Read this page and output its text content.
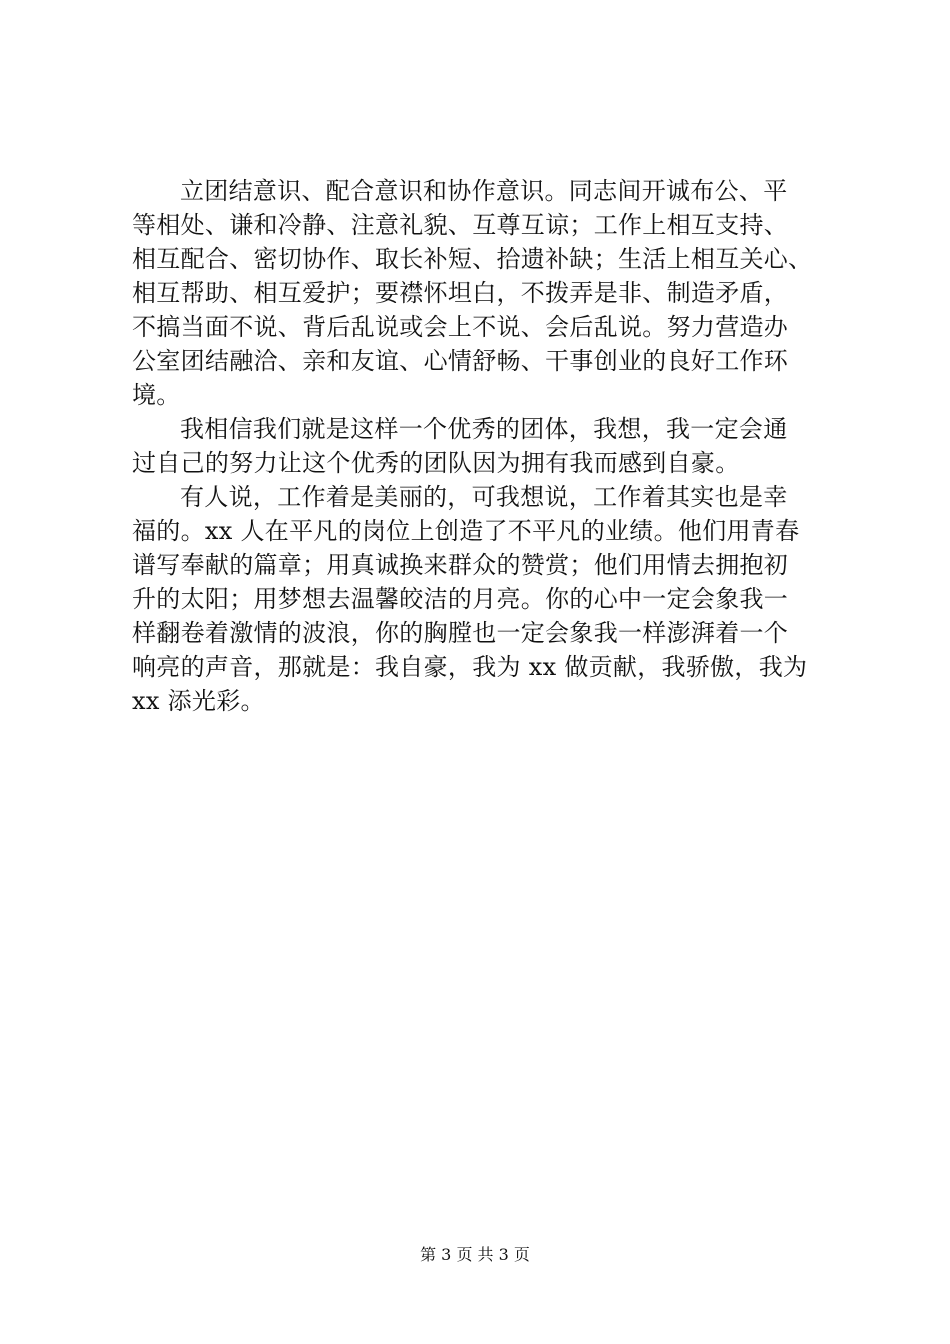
立团结意识、配合意识和协作意识。同志间开诚布公、平
等相处、谦和冷静、注意礼貌、互尊互谅；工作上相互支持、
相互配合、密切协作、取长补短、拾遗补缺；生活上相互关心、
相互帮助、相互爱护；要襟怀坦白，不拨弄是非、制造矛盾，
不搞当面不说、背后乱说或会上不说、会后乱说。努力营造办
公室团结融洽、亲和友谊、心情舒畅、干事创业的良好工作环
境。
我相信我们就是这样一个优秀的团体，我想，我一定会通
过自己的努力让这个优秀的团队因为拥有我而感到自豪。
有人说，工作着是美丽的，可我想说，工作着其实也是幸
福的。xx 人在平凡的岗位上创造了不平凡的业绩。他们用青春
谱写奉献的篇章；用真诚换来群众的赞赏；他们用情去拥抱初
升的太阳；用梦想去温馨皎洁的月亮。你的心中一定会象我一
样翻卷着激情的波浪，你的胸膛也一定会象我一样澎湃着一个
响亮的声音，那就是：我自豪，我为 xx 做贡献，我骄傲，我为
xx 添光彩。
第 3 页 共 3 页
